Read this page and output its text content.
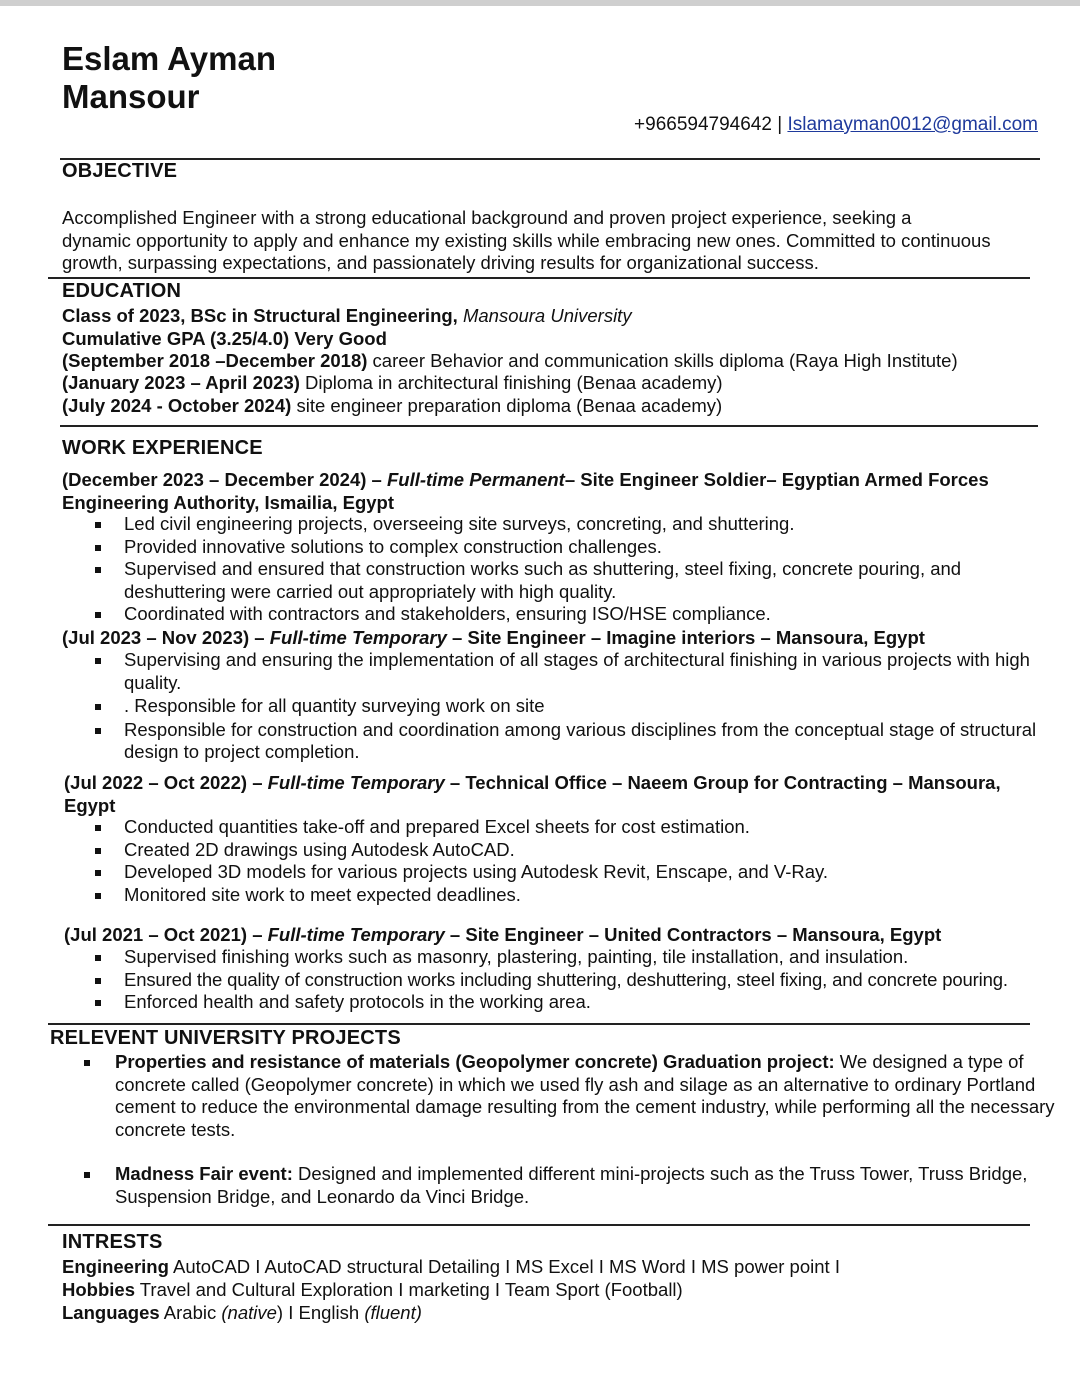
Eslam Ayman
Mansour
+966594794642 | Islamayman0012@gmail.com
OBJECTIVE
Accomplished Engineer with a strong educational background and proven project experience, seeking a
dynamic opportunity to apply and enhance my existing skills while embracing new ones. Committed to continuous
growth, surpassing expectations, and passionately driving results for organizational success.
EDUCATION
Class of 2023, BSc in Structural Engineering, Mansoura University
Cumulative GPA (3.25/4.0) Very Good
(September 2018 –December 2018) career Behavior and communication skills diploma (Raya High Institute)
(January 2023 – April 2023) Diploma in architectural finishing (Benaa academy)
(July 2024 - October 2024) site engineer preparation diploma (Benaa academy)
WORK EXPERIENCE
(December 2023 – December 2024) – Full-time Permanent– Site Engineer Soldier– Egyptian Armed Forces
Engineering Authority, Ismailia, Egypt
Led civil engineering projects, overseeing site surveys, concreting, and shuttering.
Provided innovative solutions to complex construction challenges.
Supervised and ensured that construction works such as shuttering, steel fixing, concrete pouring, and deshuttering were carried out appropriately with high quality.
Coordinated with contractors and stakeholders, ensuring ISO/HSE compliance.
(Jul 2023 – Nov 2023) – Full-time Temporary – Site Engineer – Imagine interiors – Mansoura, Egypt
Supervising and ensuring the implementation of all stages of architectural finishing in various projects with high quality.
. Responsible for all quantity surveying work on site
Responsible for construction and coordination among various disciplines from the conceptual stage of structural design to project completion.
(Jul 2022 – Oct 2022) – Full-time Temporary – Technical Office – Naeem Group for Contracting – Mansoura,
Egypt
Conducted quantities take-off and prepared Excel sheets for cost estimation.
Created 2D drawings using Autodesk AutoCAD.
Developed 3D models for various projects using Autodesk Revit, Enscape, and V-Ray.
Monitored site work to meet expected deadlines.
(Jul 2021 – Oct 2021) – Full-time Temporary – Site Engineer – United Contractors – Mansoura, Egypt
Supervised finishing works such as masonry, plastering, painting, tile installation, and insulation.
Ensured the quality of construction works including shuttering, deshuttering, steel fixing, and concrete pouring.
Enforced health and safety protocols in the working area.
RELEVENT UNIVERSITY PROJECTS
Properties and resistance of materials (Geopolymer concrete) Graduation project: We designed a type of concrete called (Geopolymer concrete) in which we used fly ash and silage as an alternative to ordinary Portland cement to reduce the environmental damage resulting from the cement industry, while performing all the necessary concrete tests.
Madness Fair event: Designed and implemented different mini-projects such as the Truss Tower, Truss Bridge, Suspension Bridge, and Leonardo da Vinci Bridge.
INTRESTS
Engineering AutoCAD I AutoCAD structural Detailing I MS Excel I MS Word I MS power point I
Hobbies Travel and Cultural Exploration I marketing I Team Sport (Football)
Languages Arabic (native) I English (fluent)
